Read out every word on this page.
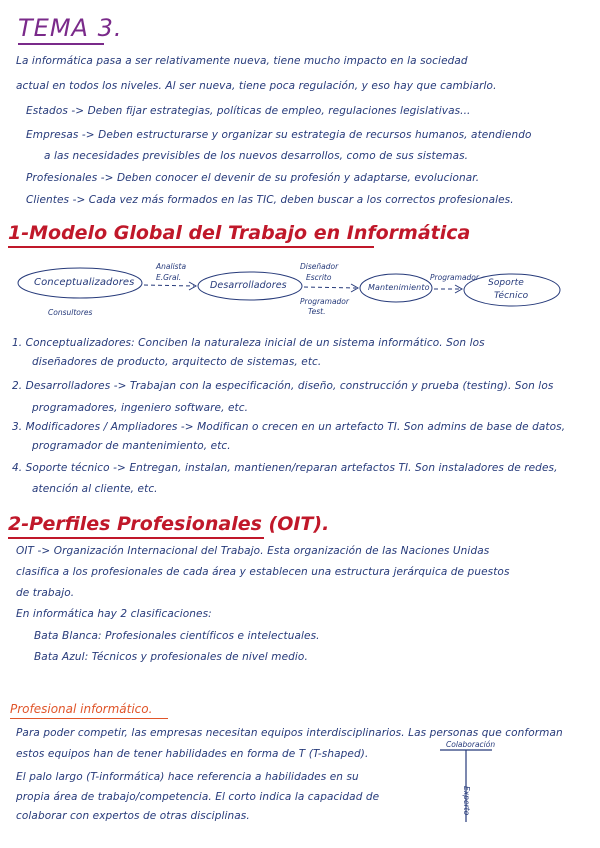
TEMA 3.
La informática pasa a ser relativamente nueva, tiene mucho impacto en la sociedad
actual en todos los niveles. Al ser nueva, tiene poca regulación, y eso hay que cambiarlo.
Estados -> Deben fijar estrategias, políticas de empleo, regulaciones legislativas...
Empresas -> Deben estructurarse y organizar su estrategia de recursos humanos, atendiendo
a las necesidades previsibles de los nuevos desarrollos, como de sus sistemas.
Profesionales -> Deben conocer el devenir de su profesión y adaptarse, evolucionar.
Clientes -> Cada vez más formados en las TIC, deben buscar a los correctos profesionales.
1-Modelo Global del Trabajo en Informática
Conceptualizadores	Desarrolladores	Mantenimiento	Soporte
Técnico
Analista
E.Gral.
Consultores
Diseñador
Escrito
Programador
Test.
Programador
1. Conceptualizadores: Conciben la naturaleza inicial de un sistema informático. Son los
diseñadores de producto, arquitecto de sistemas, etc.
2. Desarrolladores -> Trabajan con la especificación, diseño, construcción y prueba (testing). Son los
programadores, ingeniero software, etc.
3. Modificadores / Ampliadores -> Modifican o crecen en un artefacto TI. Son admins de base de datos,
programador de mantenimiento, etc.
4. Soporte técnico -> Entregan, instalan, mantienen/reparan artefactos TI. Son instaladores de redes,
atención al cliente, etc.
2-Perfiles Profesionales (OIT).
OIT -> Organización Internacional del Trabajo. Esta organización de las Naciones Unidas
clasifica a los profesionales de cada área y establecen una estructura jerárquica de puestos
de trabajo.
En informática hay 2 clasificaciones:
Bata Blanca: Profesionales científicos e intelectuales.
Bata Azul: Técnicos y profesionales de nivel medio.
Profesional informático.
Para poder competir, las empresas necesitan equipos interdisciplinarios. Las personas que conforman
estos equipos han de tener habilidades en forma de T (T-shaped).
El palo largo (T-informática) hace referencia a habilidades en su
propia área de trabajo/competencia. El corto indica la capacidad de
colaborar con expertos de otras disciplinas.
Colaboración
Experto
